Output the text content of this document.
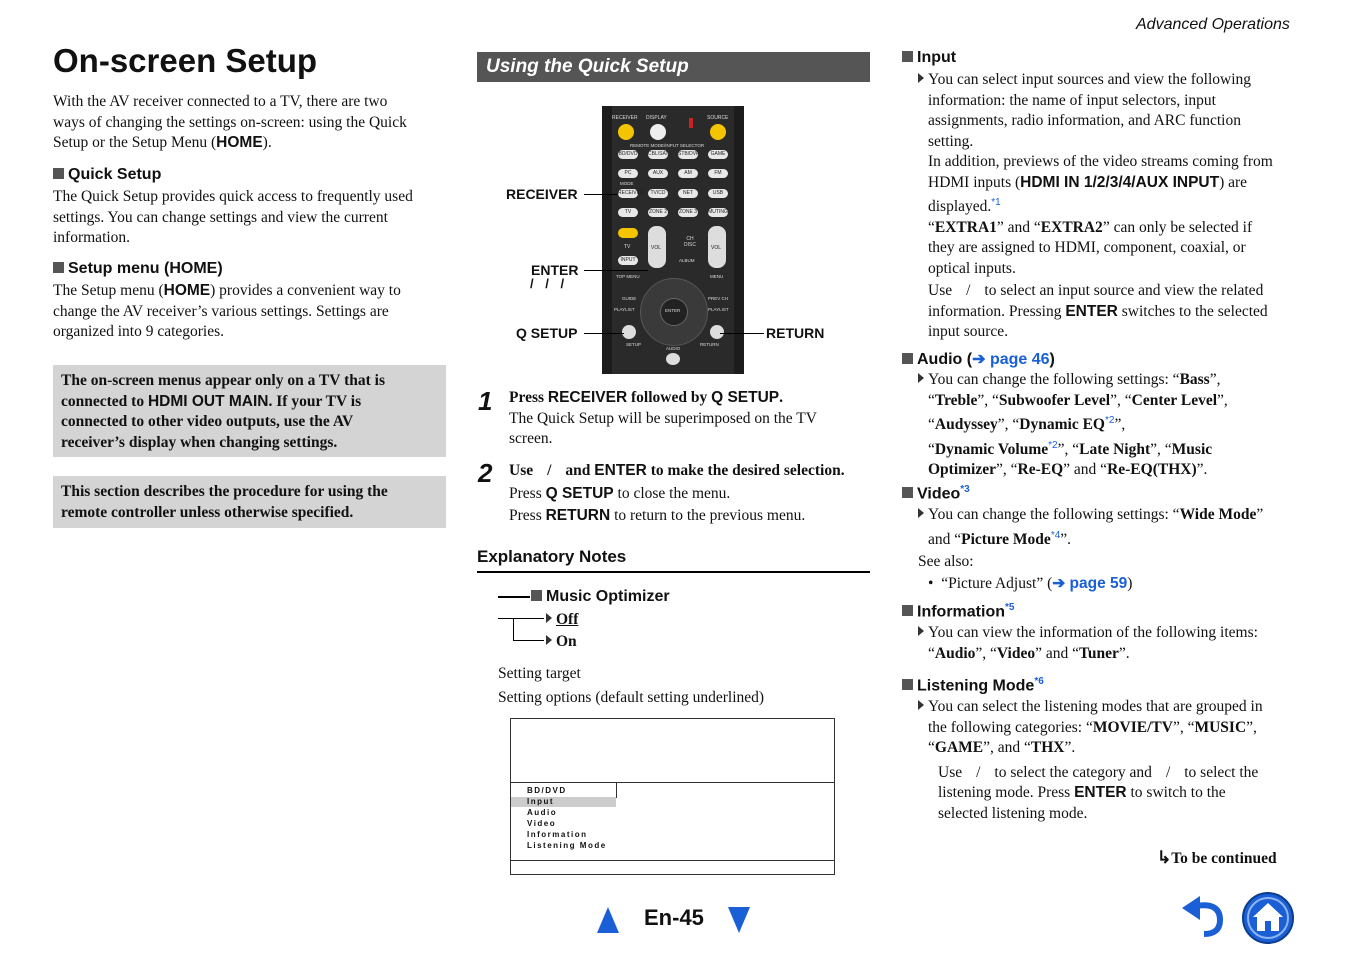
Advanced Operations
On-screen Setup

With the AV receiver connected to a TV, there are two

ways of changing the settings on-screen: using the Quick

Setup or the Setup Menu (HOME).

Quick Setup

The Quick Setup provides quick access to frequently used

settings. You can change settings and view the current

information.

Setup menu (HOME)

The Setup menu (HOME) provides a convenient way to

change the AV receiver’s various settings. Settings are

organized into 9 categories.

The on-screen menus appear only on a TV that is

connected to HDMI OUT MAIN. If your TV is

connected to other video outputs, use the AV

receiver’s display when changing settings.

This section describes the procedure for using the

remote controller unless otherwise specified.

Using the Quick Setup
RECEIVER DISPLAY	SOURCE
REMOTE MODE/INPUT SELECTOR
BD/DVD CBL/SAT STB/DVR	GAME
PC	AUX	AM	FM
MODE
RECEIVER	TV/CD	NET	USB
TV	ZONE 2 ZONE 3 MUTING
TV
INPUT
VOL
CH DISC
ALBUM
VOL
TOP MENU	MENU
ENTER
GUIDE	PREV CH
PLAYLIST	PLAYLIST
SETUP	RETURN
AUDIO
RECEIVER
ENTER
/ / /
Q SETUP	RETURN
1 Press RECEIVER followed by Q SETUP.

The Quick Setup will be superimposed on the TV

screen.

2 Use / and ENTER to make the desired selection.

Press Q SETUP to close the menu.

Press RETURN to return to the previous menu.

Explanatory Notes
Music Optimizer
Off
On
Setting target
Setting options (default setting underlined)
BD/DVD
Input
Audio
Video
Information
Listening Mode
Input

You can select input sources and view the following

information: the name of input selectors, input

assignments, radio information, and ARC function

setting.

In addition, previews of the video streams coming from

HDMI inputs (HDMI IN 1/2/3/4/AUX INPUT) are

displayed.$^{*1}$

“EXTRA1” and “EXTRA2” can only be selected if

they are assigned to HDMI, component, coaxial, or

optical inputs.

Use / to select an input source and view the related

information. Pressing ENTER switches to the selected

input source.

Audio (➔ page 46)

You can change the following settings: “Bass”,

“Treble”, “Subwoofer Level”, “Center Level”,

“Audyssey”, “Dynamic EQ$^{*2}$”,

“Dynamic Volume$^{*2}$”, “Late Night”, “Music

Optimizer”, “Re-EQ” and “Re-EQ(THX)”.

Video$^{*3}$

You can change the following settings: “Wide Mode”

and “Picture Mode$^{*4}$”.

See also:

•  “Picture Adjust” (➔ page 59)

Information$^{*5}$

You can view the information of the following items:

“Audio”, “Video” and “Tuner”.

Listening Mode$^{*6}$

You can select the listening modes that are grouped in

the following categories: “MOVIE/TV”, “MUSIC”,

“GAME”, and “THX”.

Use / to select the category and / to select the

listening mode. Press ENTER to switch to the

selected listening mode.

↳To be continued
En-45
